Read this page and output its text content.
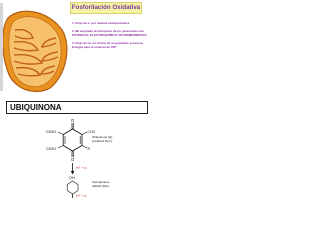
Fosforilación Oxidativa
1. Flujo de e- por cadena transportadora
2. ∆E acoplado al transporte de H+ generando una POTENCIAL ELECTROQUÍMICO TRANSMEMBRANA
3. Flujo de H+ en contra de su gradiente provee la Energía para la síntesis de ATP
UBIQUINONA
O
O
CH3O
CH3O
CH3
R
Ubiquinone (Q) (oxidized form)
H+ + e-
OH
Semiquinone radical (QH•)
H+ + e-
